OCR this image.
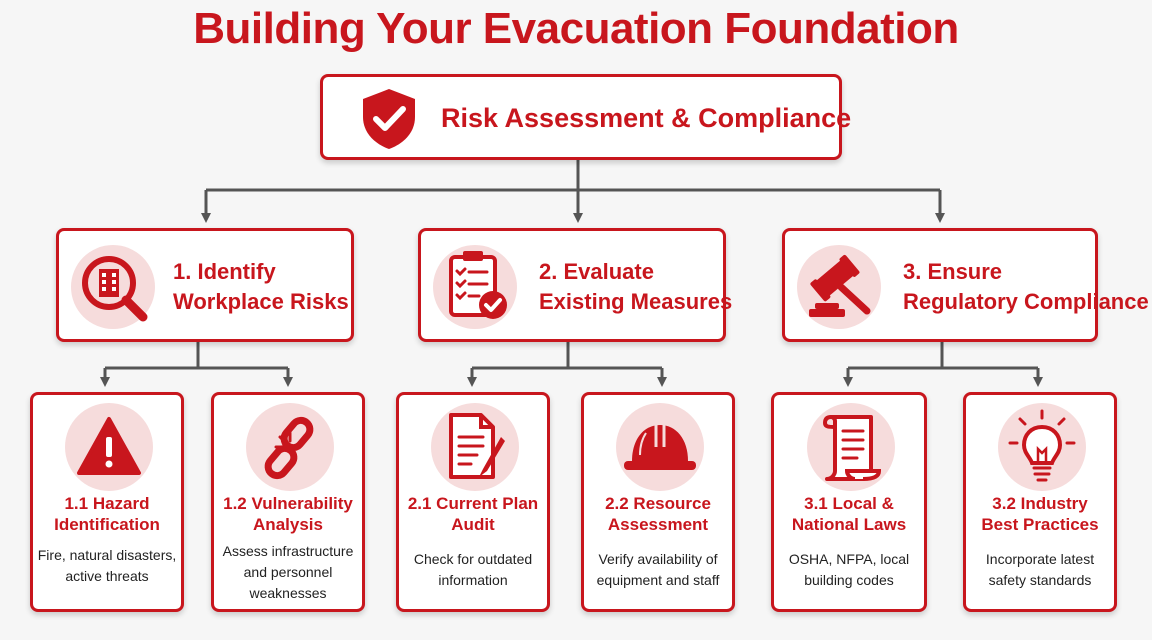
Building Your Evacuation Foundation
Risk Assessment & Compliance
1. Identify
Workplace Risks
2. Evaluate
Existing Measures
3. Ensure
Regulatory Compliance
1.1 Hazard
Identification
Fire, natural disasters,
active threats
1.2 Vulnerability
Analysis
Assess infrastructure
and personnel
weaknesses
2.1 Current Plan
Audit
Check for outdated
information
2.2 Resource
Assessment
Verify availability of
equipment and staff
3.1 Local &
National Laws
OSHA, NFPA, local
building codes
3.2 Industry
Best Practices
Incorporate latest
safety standards
